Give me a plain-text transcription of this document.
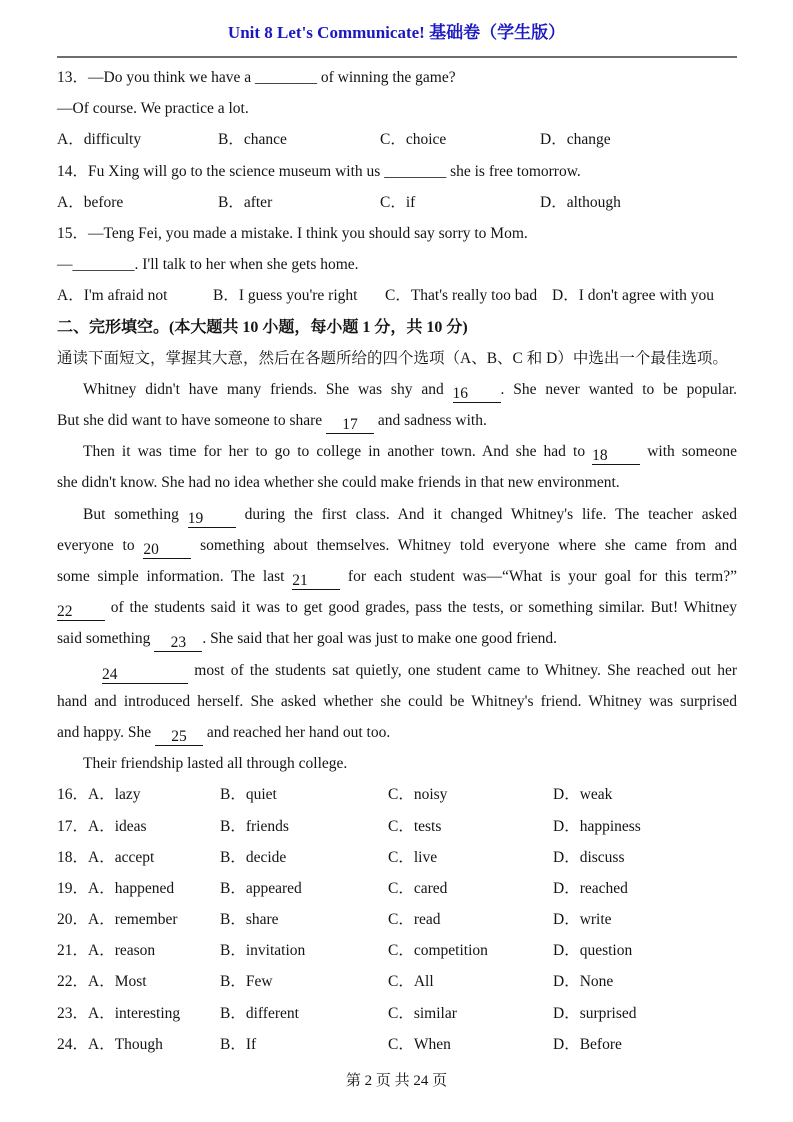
Unit 8 Let's Communicate! 基础卷（学生版）
13．—Do you think we have a ________ of winning the game?
—Of course. We practice a lot.
A．difficulty	B．chance	C．choice	D．change
14．Fu Xing will go to the science museum with us ________ she is free tomorrow.
A．before	B．after	C．if	D．although
15．—Teng Fei, you made a mistake. I think you should say sorry to Mom.
—________. I'll talk to her when she gets home.
A．I'm afraid not	B．I guess you're right C．That's really too bad D．I don't agree with you
二、完形填空。(本大题共 10 小题，每小题 1 分，共 10 分)
通读下面短文，掌握其大意，然后在各题所给的四个选项（A、B、C 和 D）中选出一个最佳选项。
Whitney didn't have many friends. She was shy and 16 . She never wanted to be popular.
But she did want to have someone to share 17 and sadness with.
Then it was time for her to go to college in another town. And she had to 18 with someone
she didn't know. She had no idea whether she could make friends in that new environment.
But something 19 during the first class. And it changed Whitney's life. The teacher asked
everyone to 20 something about themselves. Whitney told everyone where she came from and
some simple information. The last 21 for each student was—“What is your goal for this term?”
22 of the students said it was to get good grades, pass the tests, or something similar. But! Whitney
said something 23 . She said that her goal was just to make one good friend.
24	most of the students sat quietly, one student came to Whitney. She reached out her
hand and introduced herself. She asked whether she could be Whitney's friend. Whitney was surprised
and happy. She 25 and reached her hand out too.
Their friendship lasted all through college.
16． A．lazy	B．quiet	C．noisy	D．weak
17． A．ideas	B．friends	C．tests	D．happiness
18． A．accept	B．decide	C．live	D．discuss
19． A．happened	B．appeared	C．cared	D．reached
20． A．remember	B．share	C．read	D．write
21． A．reason	B．invitation	C．competition	D．question
22． A．Most	B．Few	C．All	D．None
23． A．interesting	B．different	C．similar	D．surprised
24． A．Though	B．If	C．When	D．Before
第 2 页 共 24 页
